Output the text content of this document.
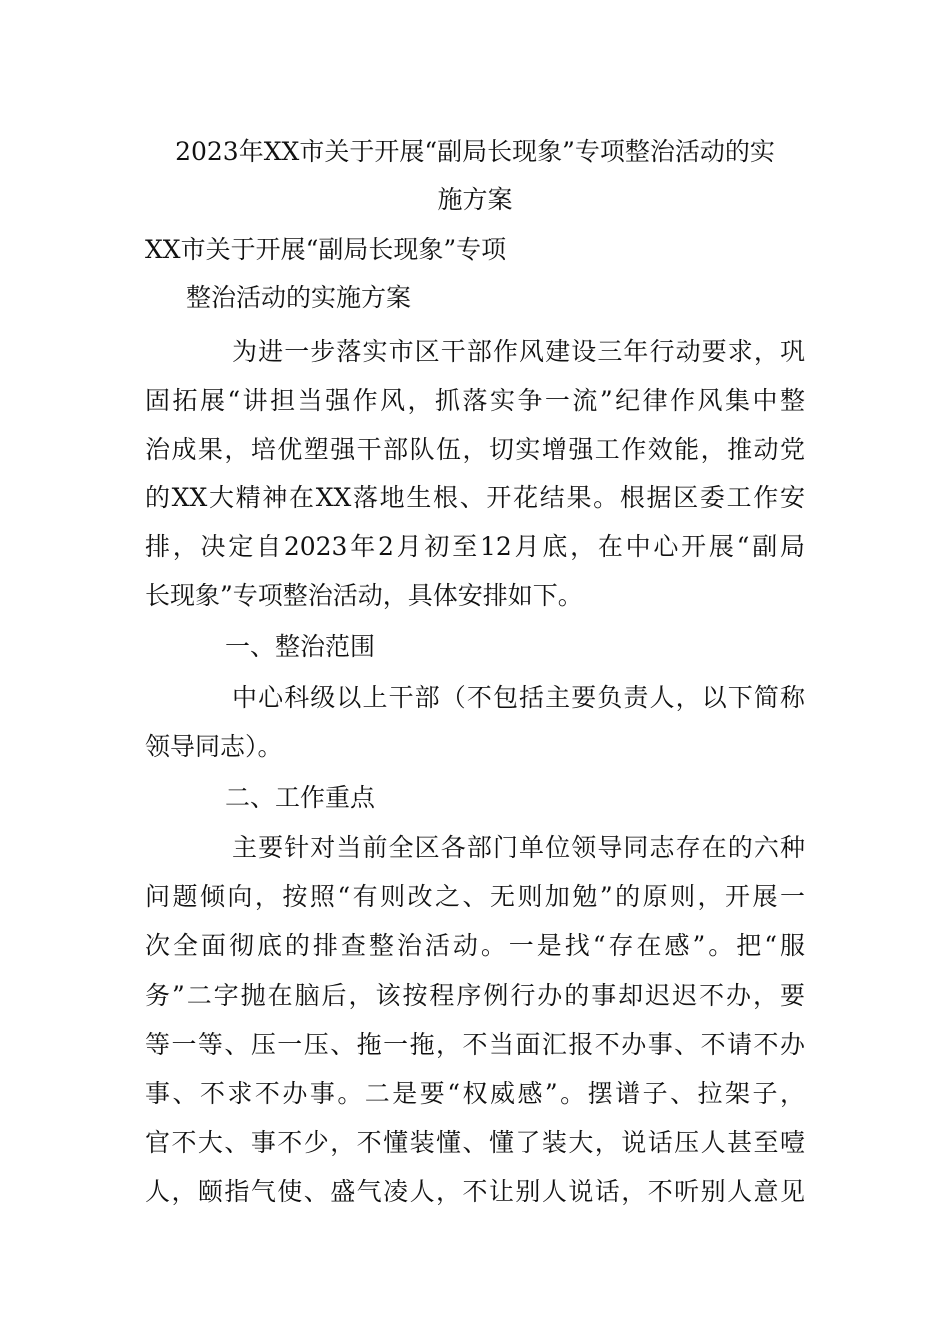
2023年XX市关于开展“副局长现象”专项整治活动的实
施方案
XX市关于开展“副局长现象”专项
整治活动的实施方案
为进一步落实市区干部作风建设三年行动要求，巩
固拓展“讲担当强作风，抓落实争一流”纪律作风集中整
治成果，培优塑强干部队伍，切实增强工作效能，推动党
的XX大精神在XX落地生根、开花结果。根据区委工作安
排，决定自2023年2月初至12月底，在中心开展“副局
长现象”专项整治活动，具体安排如下。
一、整治范围
中心科级以上干部（不包括主要负责人，以下简称
领导同志）。
二、工作重点
主要针对当前全区各部门单位领导同志存在的六种
问题倾向，按照“有则改之、无则加勉”的原则，开展一
次全面彻底的排查整治活动。一是找“存在感”。把“服
务”二字抛在脑后，该按程序例行办的事却迟迟不办，要
等一等、压一压、拖一拖，不当面汇报不办事、不请不办
事、不求不办事。二是要“权威感”。摆谱子、拉架子，
官不大、事不少，不懂装懂、懂了装大，说话压人甚至噎
人，颐指气使、盛气凌人，不让别人说话，不听别人意见
